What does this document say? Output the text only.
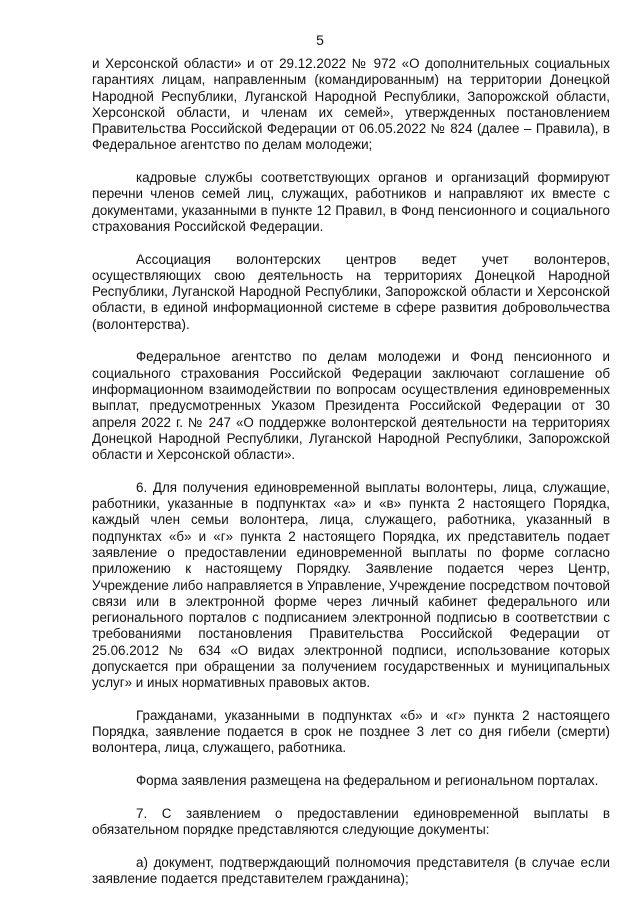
5

и Херсонской области» и от 29.12.2022 № 972 «О дополнительных социальных гарантиях лицам, направленным (командированным) на территории Донецкой Народной Республики, Луганской Народной Республики, Запорожской области, Херсонской области, и членам их семей», утвержденных постановлением Правительства Российской Федерации от 06.05.2022 № 824 (далее – Правила), в Федеральное агентство по делам молодежи;

кадровые службы соответствующих органов и организаций формируют перечни членов семей лиц, служащих, работников и направляют их вместе с документами, указанными в пункте 12 Правил, в Фонд пенсионного и социального страхования Российской Федерации.

Ассоциация волонтерских центров ведет учет волонтеров, осуществляющих свою деятельность на территориях Донецкой Народной Республики, Луганской Народной Республики, Запорожской области и Херсонской области, в единой информационной системе в сфере развития добровольчества (волонтерства).

Федеральное агентство по делам молодежи и Фонд пенсионного и социального страхования Российской Федерации заключают соглашение об информационном взаимодействии по вопросам осуществления единовременных выплат, предусмотренных Указом Президента Российской Федерации от 30 апреля 2022 г. № 247 «О поддержке волонтерской деятельности на территориях Донецкой Народной Республики, Луганской Народной Республики, Запорожской области и Херсонской области».

6. Для получения единовременной выплаты волонтеры, лица, служащие, работники, указанные в подпунктах «а» и «в» пункта 2 настоящего Порядка, каждый член семьи волонтера, лица, служащего, работника, указанный в подпунктах «б» и «г» пункта 2 настоящего Порядка, их представитель подает заявление о предоставлении единовременной выплаты по форме согласно приложению к настоящему Порядку. Заявление подается через Центр, Учреждение либо направляется в Управление, Учреждение посредством почтовой связи или в электронной форме через личный кабинет федерального или регионального порталов с подписанием электронной подписью в соответствии с требованиями постановления Правительства Российской Федерации от 25.06.2012 № 634 «О видах электронной подписи, использование которых допускается при обращении за получением государственных и муниципальных услуг» и иных нормативных правовых актов.

Гражданами, указанными в подпунктах «б» и «г» пункта 2 настоящего Порядка, заявление подается в срок не позднее 3 лет со дня гибели (смерти) волонтера, лица, служащего, работника.

Форма заявления размещена на федеральном и региональном порталах.

7. С заявлением о предоставлении единовременной выплаты в обязательном порядке представляются следующие документы:

а) документ, подтверждающий полномочия представителя (в случае если заявление подается представителем гражданина);
